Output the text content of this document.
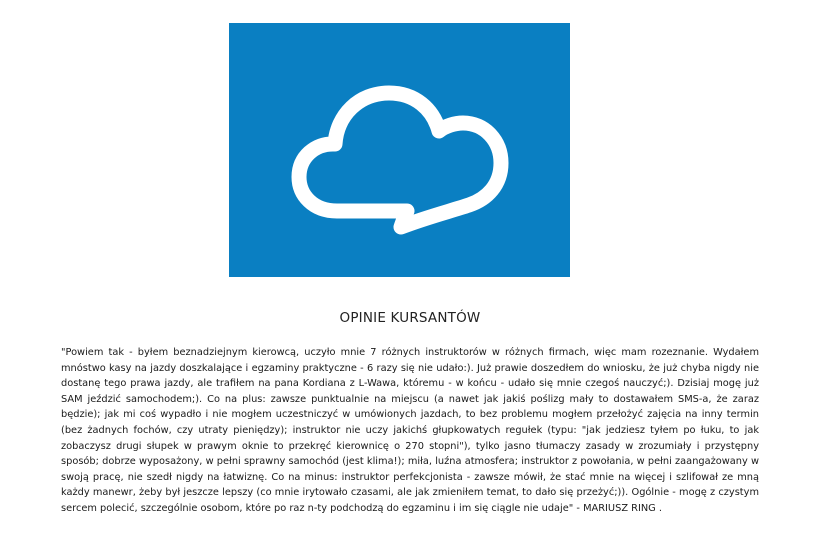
OPINIE KURSANTÓW

"Powiem tak - byłem beznadziejnym kierowcą, uczyło mnie 7 różnych instruktorów w różnych firmach, więc mam rozeznanie. Wydałem mnóstwo kasy na jazdy doszkalające i egzaminy praktyczne - 6 razy się nie udało:). Już prawie doszedłem do wniosku, że już chyba nigdy nie dostanę tego prawa jazdy, ale trafiłem na pana Kordiana z L-Wawa, któremu - w końcu - udało się mnie czegoś nauczyć;). Dzisiaj mogę już SAM jeździć samochodem;). Co na plus: zawsze punktualnie na miejscu (a nawet jak jakiś poślizg mały to dostawałem SMS-a, że zaraz będzie); jak mi coś wypadło i nie mogłem uczestniczyć w umówionych jazdach, to bez problemu mogłem przełożyć zajęcia na inny termin (bez żadnych fochów, czy utraty pieniędzy); instruktor nie uczy jakichś głupkowatych regułek (typu: "jak jedziesz tyłem po łuku, to jak zobaczysz drugi słupek w prawym oknie to przekręć kierownicę o 270 stopni"), tylko jasno tłumaczy zasady w zrozumiały i przystępny sposób; dobrze wyposażony, w pełni sprawny samochód (jest klima!); miła, luźna atmosfera; instruktor z powołania, w pełni zaangażowany w swoją pracę, nie szedł nigdy na łatwiznę. Co na minus: instruktor perfekcjonista - zawsze mówił, że stać mnie na więcej i szlifował ze mną każdy manewr, żeby był jeszcze lepszy (co mnie irytowało czasami, ale jak zmieniłem temat, to dało się przeżyć;)). Ogólnie - mogę z czystym sercem polecić, szczególnie osobom, które po raz n-ty podchodzą do egzaminu i im się ciągle nie udaje" - MARIUSZ RING .
